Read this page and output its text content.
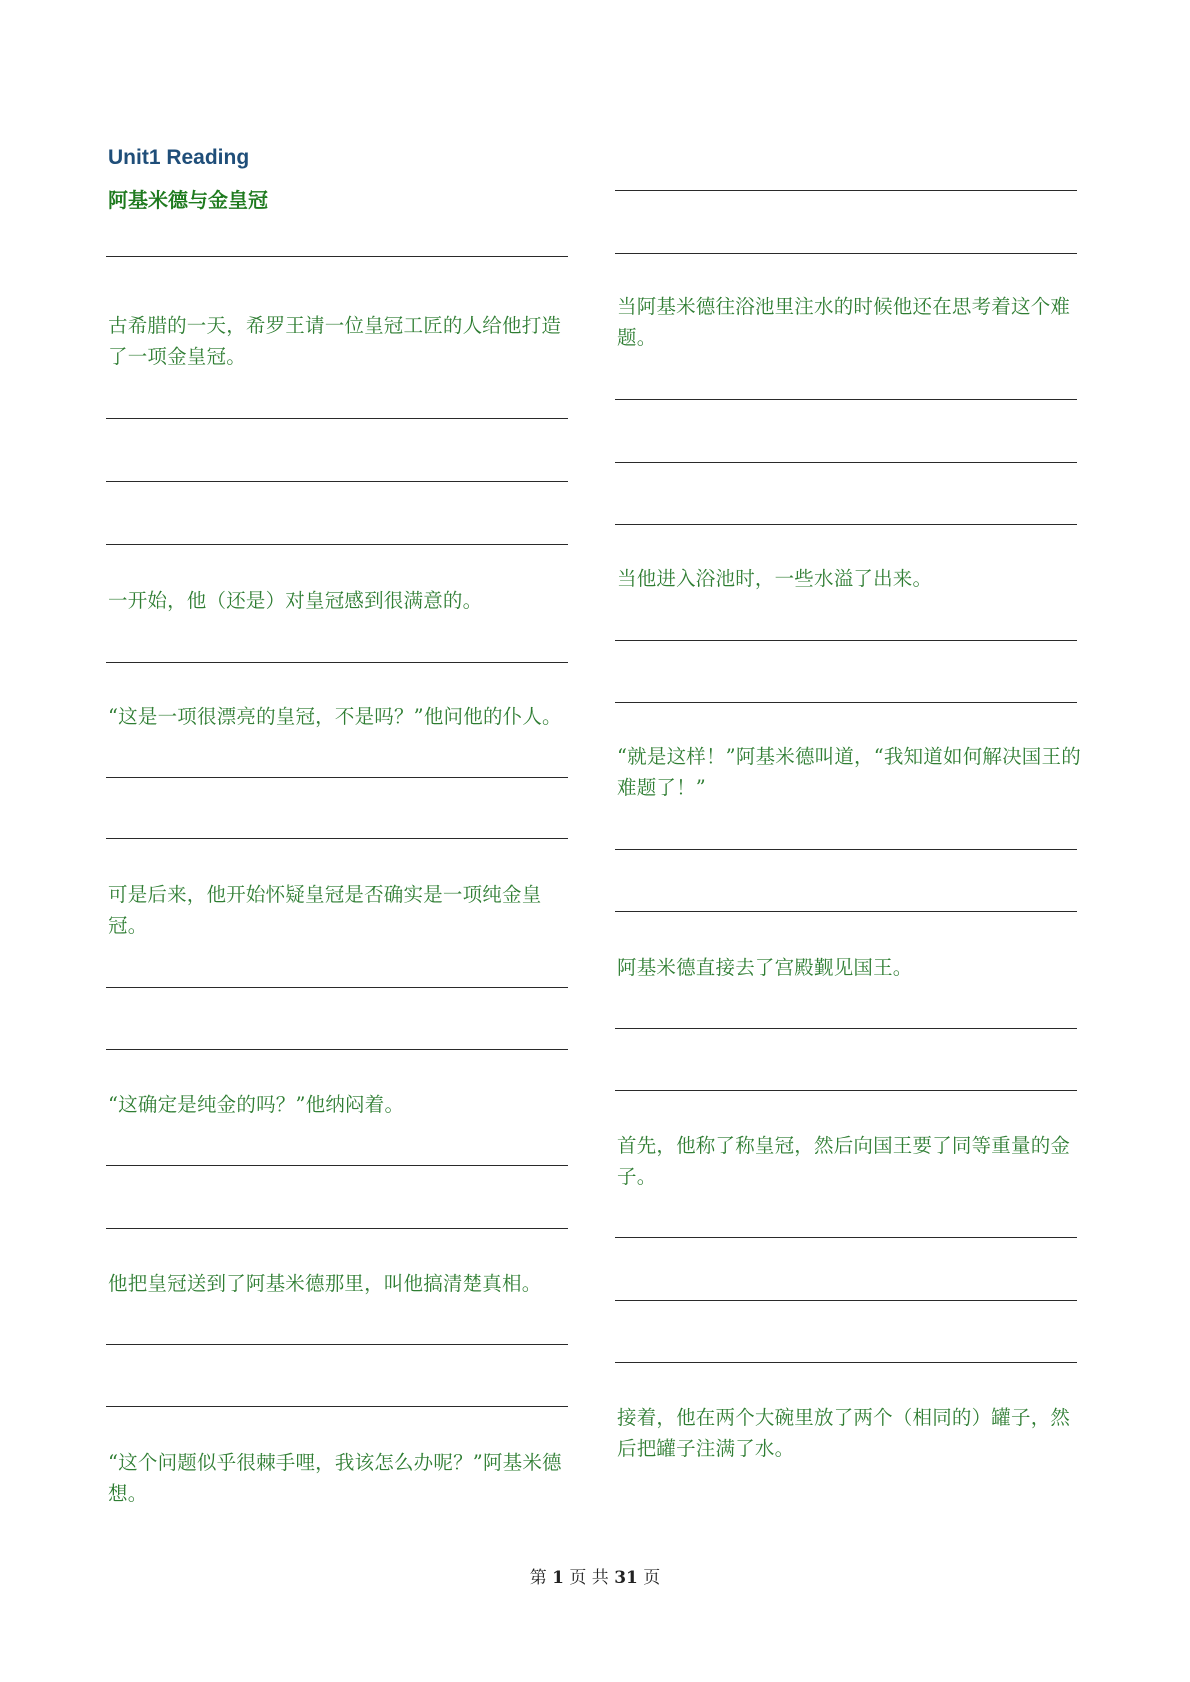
Unit1 Reading
阿基米德与金皇冠

古希腊的一天，希罗王请一位皇冠工匠的人给他打造了一项金皇冠。

一开始，他（还是）对皇冠感到很满意的。

“这是一项很漂亮的皇冠，不是吗？”他问他的仆人。

可是后来，他开始怀疑皇冠是否确实是一项纯金皇冠。

“这确定是纯金的吗？”他纳闷着。

他把皇冠送到了阿基米德那里，叫他搞清楚真相。

“这个问题似乎很棘手哩，我该怎么办呢？”阿基米德想。

当阿基米德往浴池里注水的时候他还在思考着这个难题。

当他进入浴池时，一些水溢了出来。

“就是这样！”阿基米德叫道，“我知道如何解决国王的难题了！”

阿基米德直接去了宫殿觐见国王。

首先，他称了称皇冠，然后向国王要了同等重量的金子。

接着，他在两个大碗里放了两个（相同的）罐子，然后把罐子注满了水。

第 1 页 共 31 页
